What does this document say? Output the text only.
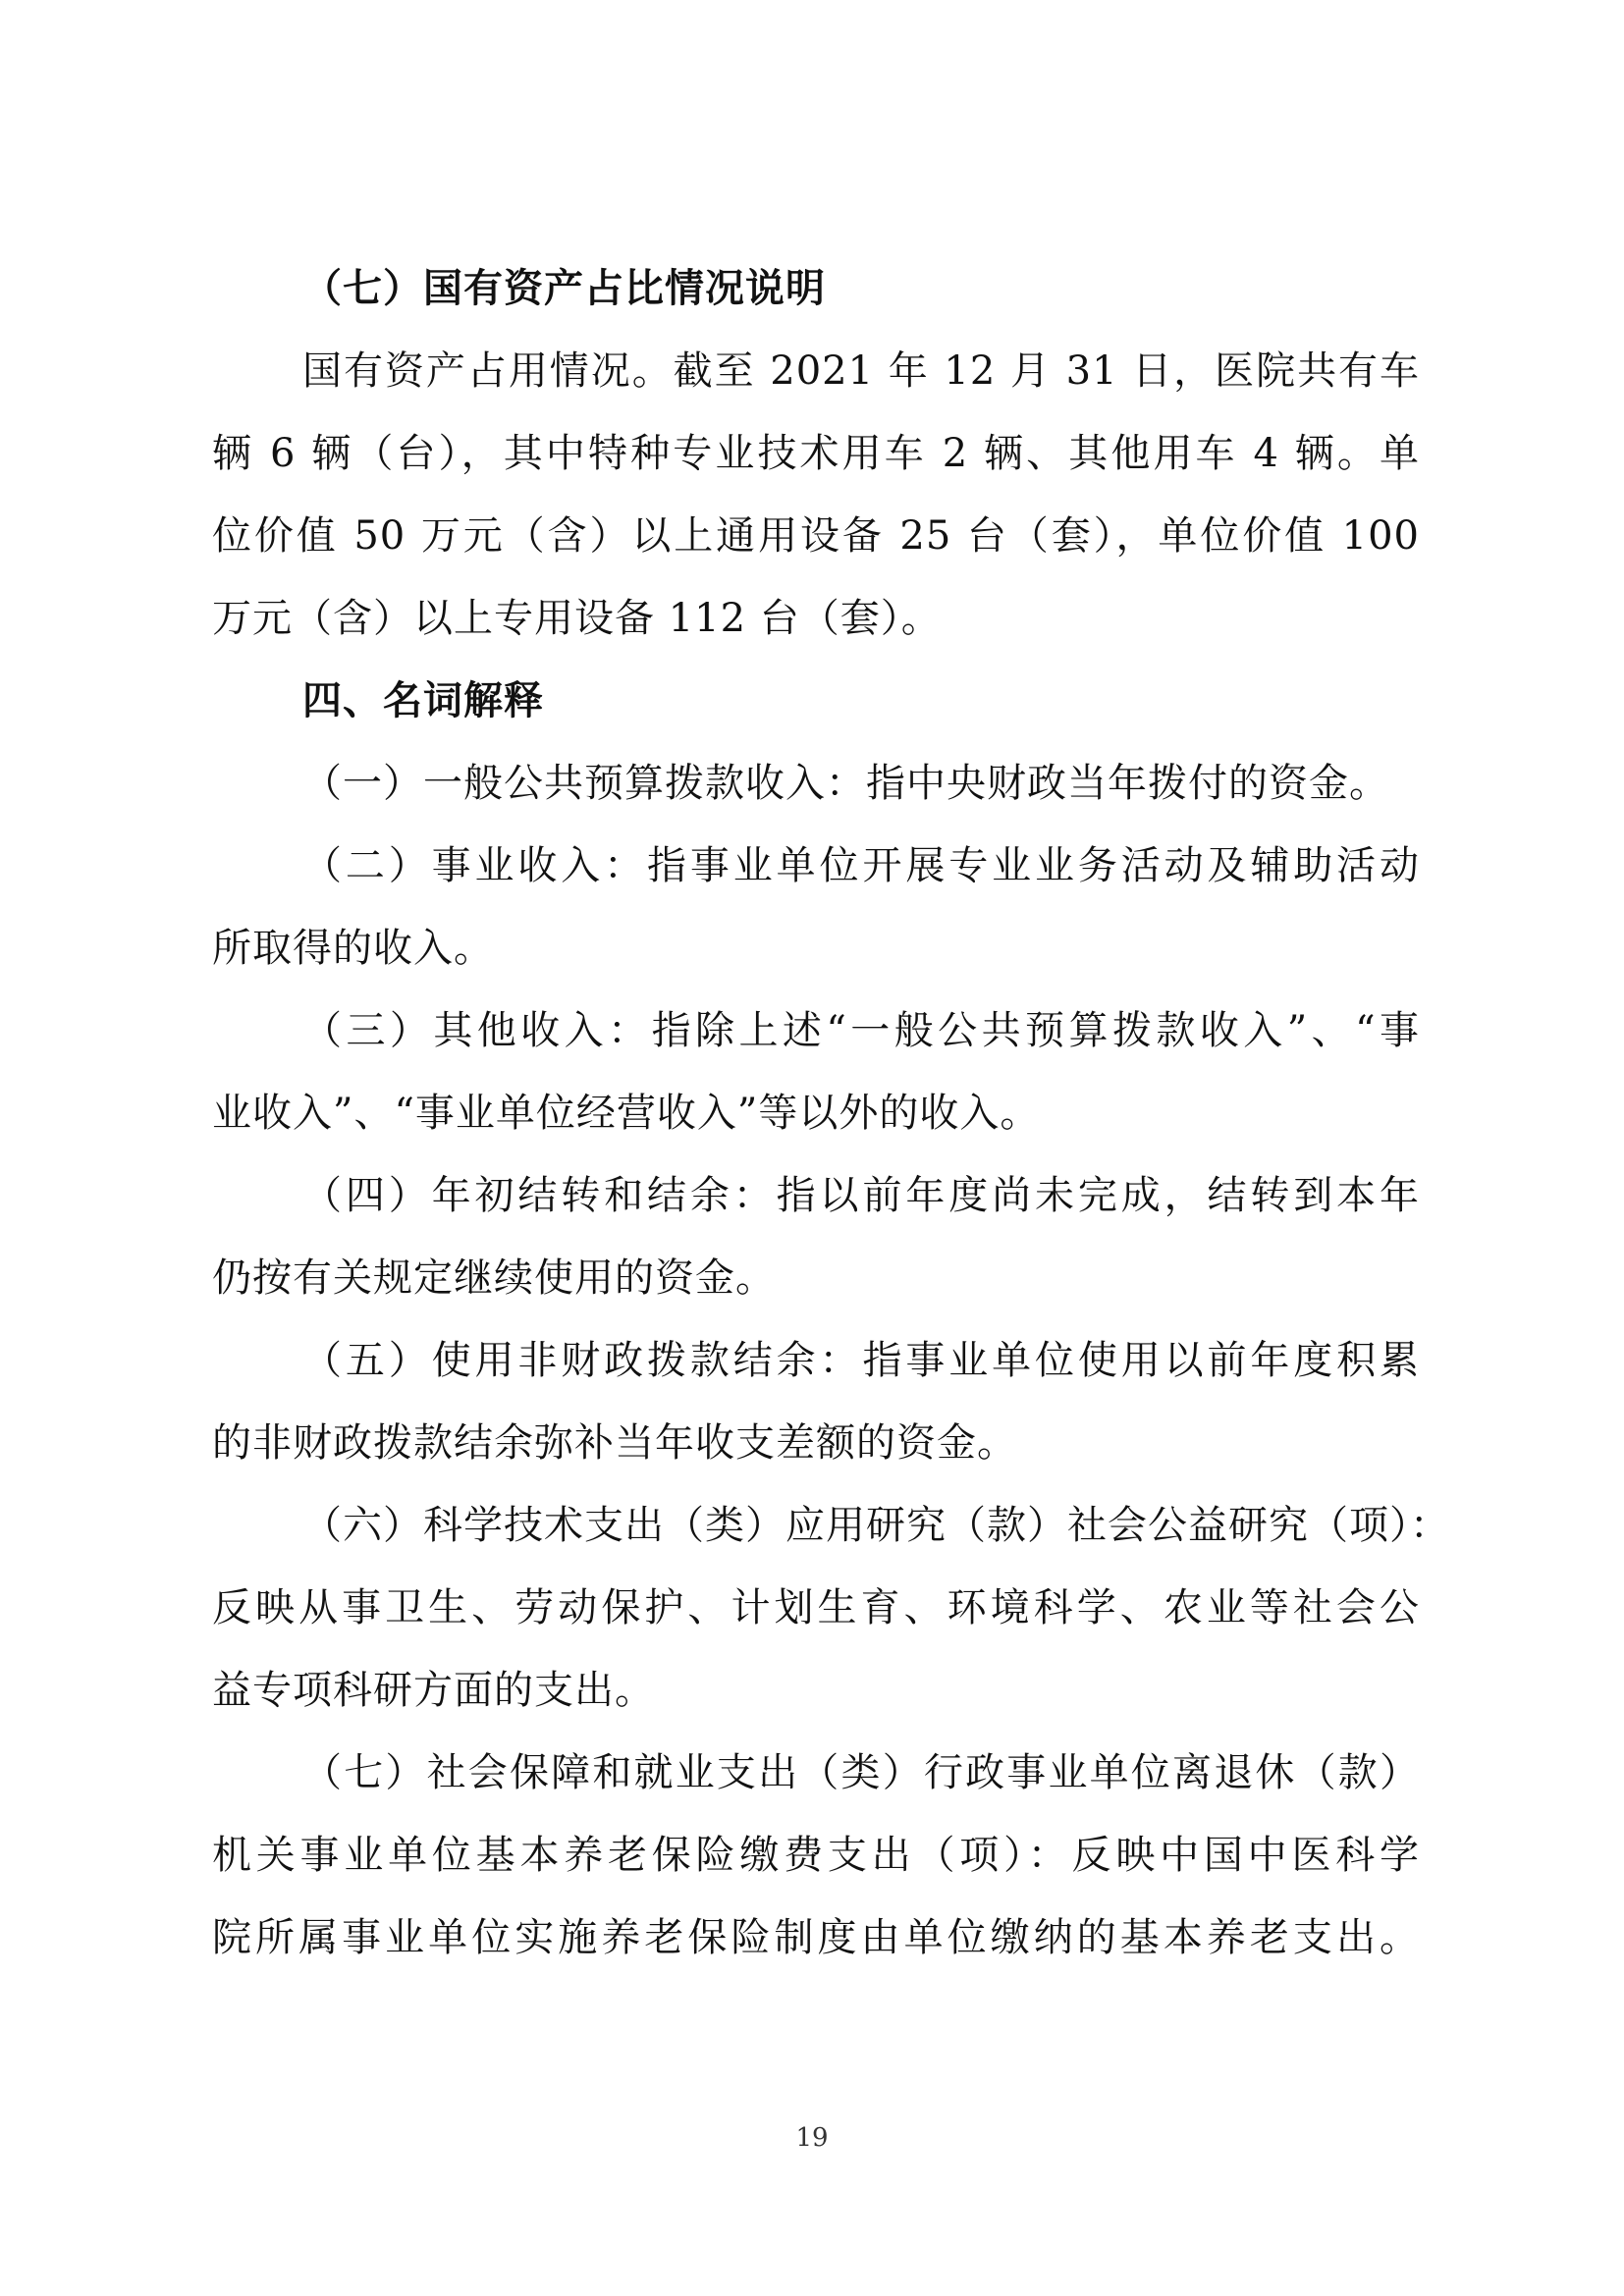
（七）国有资产占比情况说明

国有资产占用情况。截至 2021 年 12 月 31 日，医院共有车

辆 6 辆（台），其中特种专业技术用车 2 辆、其他用车 4 辆。单

位价值 50 万元（含）以上通用设备 25 台（套），单位价值 100

万元（含）以上专用设备 112 台（套）。

四、名词解释

（一）一般公共预算拨款收入：指中央财政当年拨付的资金。

（二）事业收入：指事业单位开展专业业务活动及辅助活动

所取得的收入。

（三）其他收入：指除上述“一般公共预算拨款收入”、“事

业收入”、“事业单位经营收入”等以外的收入。

（四）年初结转和结余：指以前年度尚未完成，结转到本年

仍按有关规定继续使用的资金。

（五）使用非财政拨款结余：指事业单位使用以前年度积累

的非财政拨款结余弥补当年收支差额的资金。

（六）科学技术支出（类）应用研究（款）社会公益研究（项）：

反映从事卫生、劳动保护、计划生育、环境科学、农业等社会公

益专项科研方面的支出。

（七）社会保障和就业支出（类）行政事业单位离退休（款）

机关事业单位基本养老保险缴费支出（项）：反映中国中医科学

院所属事业单位实施养老保险制度由单位缴纳的基本养老支出。

19
